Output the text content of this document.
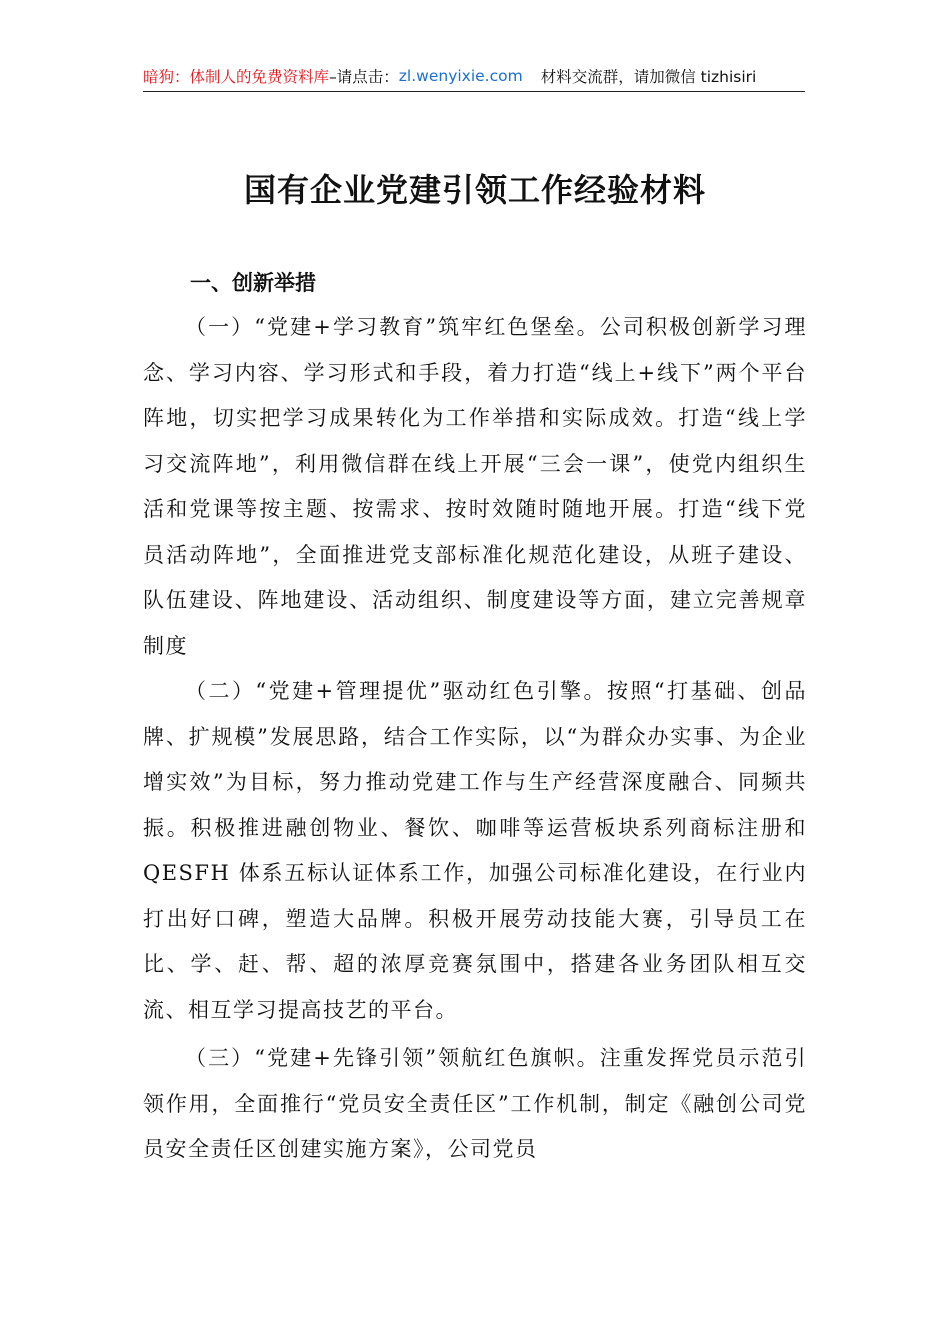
暗狗：体制人的免费资料库 –请点击： zl.wenyixie.com 材料交流群，请加微信 tizhisiri
国有企业党建引领工作经验材料
一、创新举措

（一）“党建+学习教育”筑牢红色堡垒。公司积极创新学习理念、学习内容、学习形式和手段，着力打造“线上+线下”两个平台阵地，切实把学习成果转化为工作举措和实际成效。打造“线上学习交流阵地”，利用微信群在线上开展“三会一课”，使党内组织生活和党课等按主题、按需求、按时效随时随地开展。打造“线下党员活动阵地”，全面推进党支部标准化规范化建设，从班子建设、队伍建设、阵地建设、活动组织、制度建设等方面，建立完善规章制度

（二）“党建+管理提优”驱动红色引擎。按照“打基础、创品牌、扩规模”发展思路，结合工作实际，以“为群众办实事、为企业增实效”为目标，努力推动党建工作与生产经营深度融合、同频共振。积极推进融创物业、餐饮、咖啡等运营板块系列商标注册和 QESFH 体系五标认证体系工作，加强公司标准化建设，在行业内打出好口碑，塑造大品牌。积极开展劳动技能大赛，引导员工在比、学、赶、帮、超的浓厚竞赛氛围中，搭建各业务团队相互交流、相互学习提高技艺的平台。

（三）“党建+先锋引领”领航红色旗帜。注重发挥党员示范引领作用，全面推行“党员安全责任区”工作机制，制定《融创公司党员安全责任区创建实施方案》，公司党员
